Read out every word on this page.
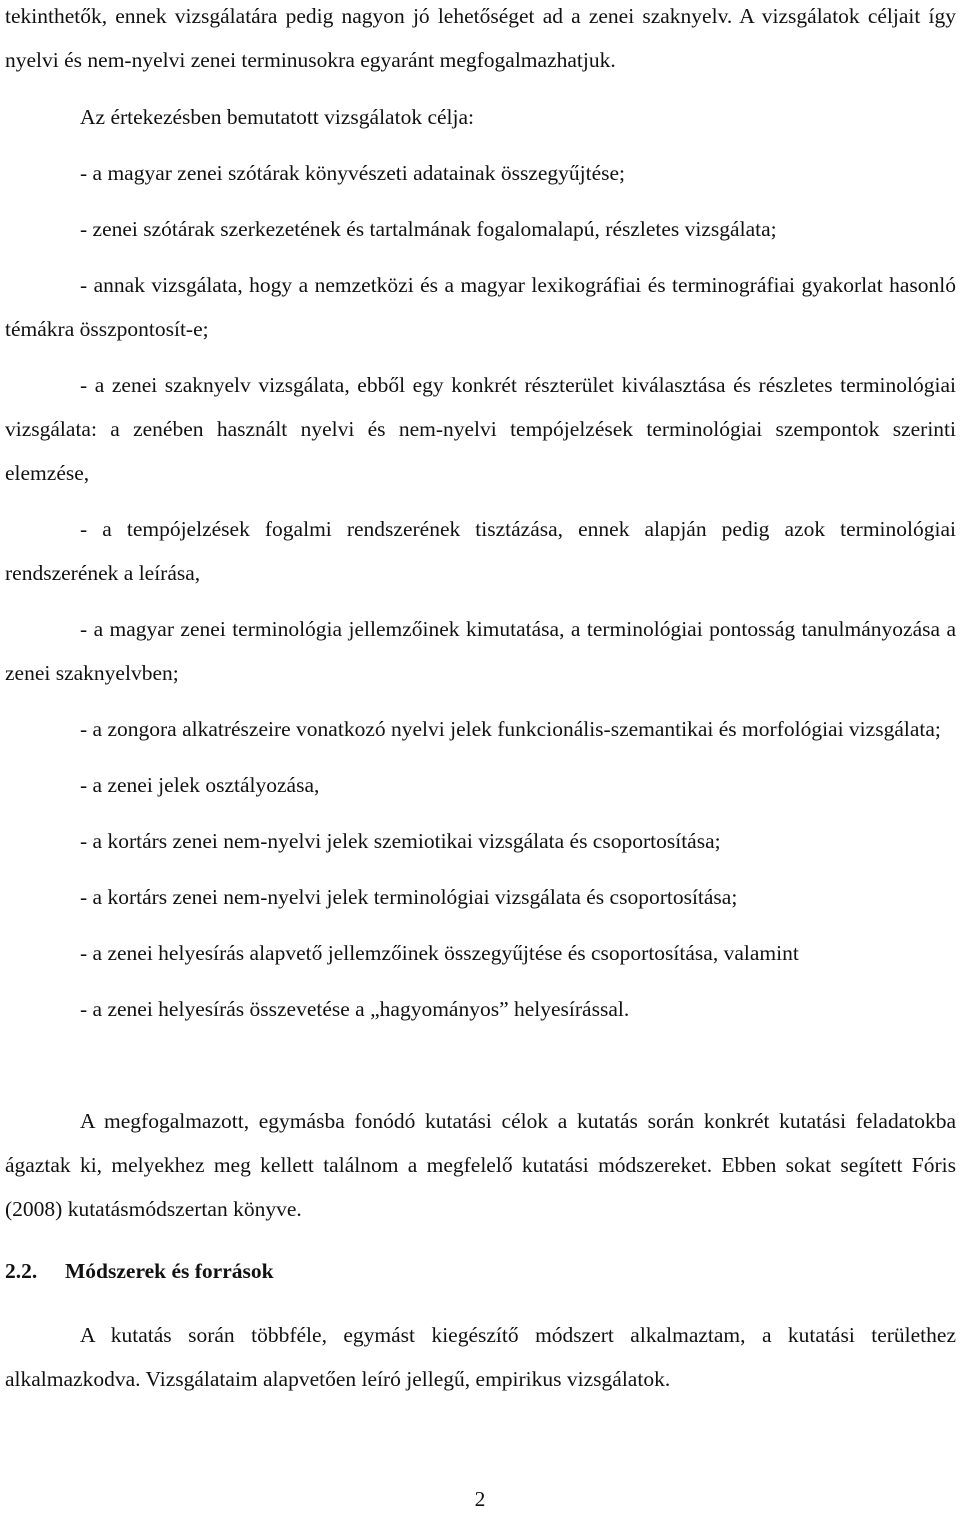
tekinthetők, ennek vizsgálatára pedig nagyon jó lehetőséget ad a zenei szaknyelv. A vizsgálatok céljait így nyelvi és nem-nyelvi zenei terminusokra egyaránt megfogalmazhatjuk.

Az értekezésben bemutatott vizsgálatok célja:

- a magyar zenei szótárak könyvészeti adatainak összegyűjtése;

- zenei szótárak szerkezetének és tartalmának fogalomalapú, részletes vizsgálata;

- annak vizsgálata, hogy a nemzetközi és a magyar lexikográfiai és terminográfiai gyakorlat hasonló témákra összpontosít-e;

- a zenei szaknyelv vizsgálata, ebből egy konkrét részterület kiválasztása és részletes terminológiai vizsgálata: a zenében használt nyelvi és nem-nyelvi tempójelzések terminológiai szempontok szerinti elemzése,

- a tempójelzések fogalmi rendszerének tisztázása, ennek alapján pedig azok terminológiai rendszerének a leírása,

- a magyar zenei terminológia jellemzőinek kimutatása, a terminológiai pontosság tanulmányozása a zenei szaknyelvben;

- a zongora alkatrészeire vonatkozó nyelvi jelek funkcionális-szemantikai és morfológiai vizsgálata;

- a zenei jelek osztályozása,

- a kortárs zenei nem-nyelvi jelek szemiotikai vizsgálata és csoportosítása;

- a kortárs zenei nem-nyelvi jelek terminológiai vizsgálata és csoportosítása;

- a zenei helyesírás alapvető jellemzőinek összegyűjtése és csoportosítása, valamint

- a zenei helyesírás összevetése a „hagyományos” helyesírással.

A megfogalmazott, egymásba fonódó kutatási célok a kutatás során konkrét kutatási feladatokba ágaztak ki, melyekhez meg kellett találnom a megfelelő kutatási módszereket. Ebben sokat segített Fóris (2008) kutatásmódszertan könyve.

2.2. Módszerek és források

A kutatás során többféle, egymást kiegészítő módszert alkalmaztam, a kutatási területhez alkalmazkodva. Vizsgálataim alapvetően leíró jellegű, empirikus vizsgálatok.

2
